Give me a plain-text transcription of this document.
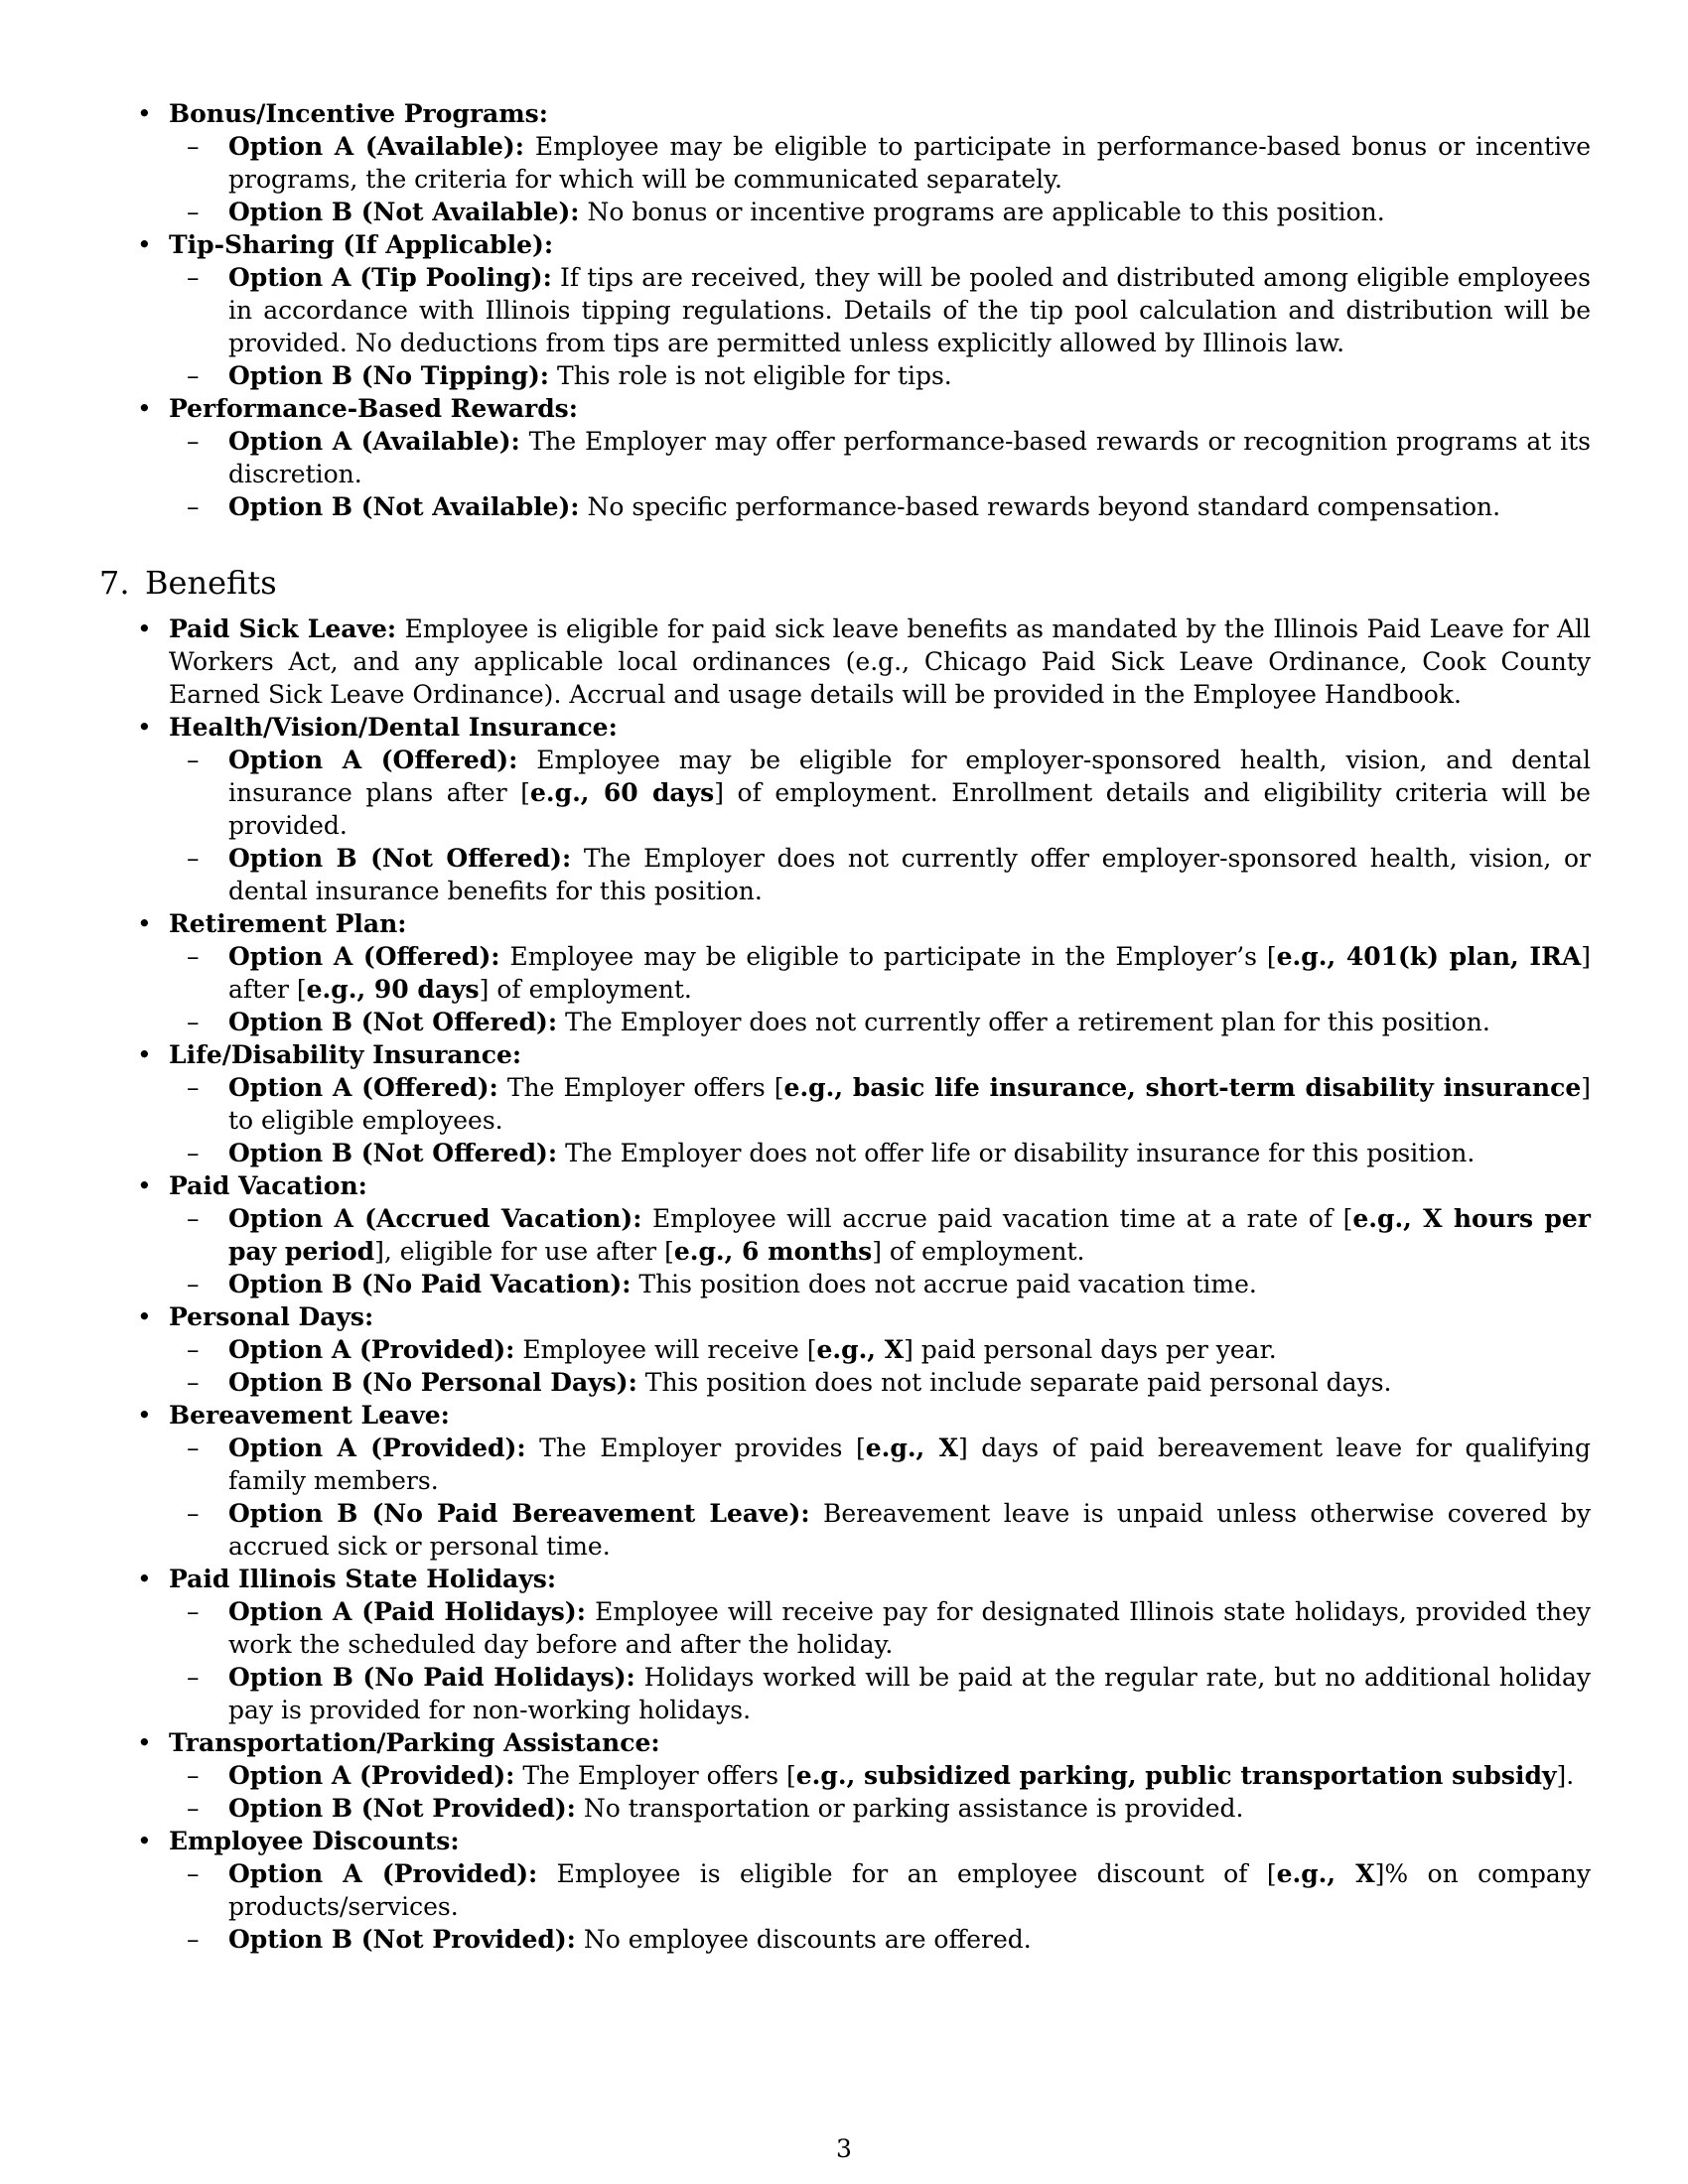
• Bonus/Incentive Programs:
– Option A (Available): Employee may be eligible to participate in performance-based bonus or incentive programs, the criteria for which will be communicated separately.
– Option B (Not Available): No bonus or incentive programs are applicable to this position.
• Tip-Sharing (If Applicable):
– Option A (Tip Pooling): If tips are received, they will be pooled and distributed among eligible employees in accordance with Illinois tipping regulations. Details of the tip pool calculation and distribution will be provided. No deductions from tips are permitted unless explicitly allowed by Illinois law.
– Option B (No Tipping): This role is not eligible for tips.
• Performance-Based Rewards:
– Option A (Available): The Employer may offer performance-based rewards or recognition programs at its discretion.
– Option B (Not Available): No specific performance-based rewards beyond standard compensation.
7. Benefits
• Paid Sick Leave: Employee is eligible for paid sick leave benefits as mandated by the Illinois Paid Leave for All Workers Act, and any applicable local ordinances (e.g., Chicago Paid Sick Leave Ordinance, Cook County Earned Sick Leave Ordinance). Accrual and usage details will be provided in the Employee Handbook.
• Health/Vision/Dental Insurance:
– Option A (Offered): Employee may be eligible for employer-sponsored health, vision, and dental insurance plans after [e.g., 60 days] of employment. Enrollment details and eligibility criteria will be provided.
– Option B (Not Offered): The Employer does not currently offer employer-sponsored health, vision, or dental insurance benefits for this position.
• Retirement Plan:
– Option A (Offered): Employee may be eligible to participate in the Employer’s [e.g., 401(k) plan, IRA] after [e.g., 90 days] of employment.
– Option B (Not Offered): The Employer does not currently offer a retirement plan for this position.
• Life/Disability Insurance:
– Option A (Offered): The Employer offers [e.g., basic life insurance, short-term disability insurance] to eligible employees.
– Option B (Not Offered): The Employer does not offer life or disability insurance for this position.
• Paid Vacation:
– Option A (Accrued Vacation): Employee will accrue paid vacation time at a rate of [e.g., X hours per pay period], eligible for use after [e.g., 6 months] of employment.
– Option B (No Paid Vacation): This position does not accrue paid vacation time.
• Personal Days:
– Option A (Provided): Employee will receive [e.g., X] paid personal days per year.
– Option B (No Personal Days): This position does not include separate paid personal days.
• Bereavement Leave:
– Option A (Provided): The Employer provides [e.g., X] days of paid bereavement leave for qualifying family members.
– Option B (No Paid Bereavement Leave): Bereavement leave is unpaid unless otherwise covered by accrued sick or personal time.
• Paid Illinois State Holidays:
– Option A (Paid Holidays): Employee will receive pay for designated Illinois state holidays, provided they work the scheduled day before and after the holiday.
– Option B (No Paid Holidays): Holidays worked will be paid at the regular rate, but no additional holiday pay is provided for non-working holidays.
• Transportation/Parking Assistance:
– Option A (Provided): The Employer offers [e.g., subsidized parking, public transportation subsidy].
– Option B (Not Provided): No transportation or parking assistance is provided.
• Employee Discounts:
– Option A (Provided): Employee is eligible for an employee discount of [e.g., X]% on company products/services.
– Option B (Not Provided): No employee discounts are offered.
3
